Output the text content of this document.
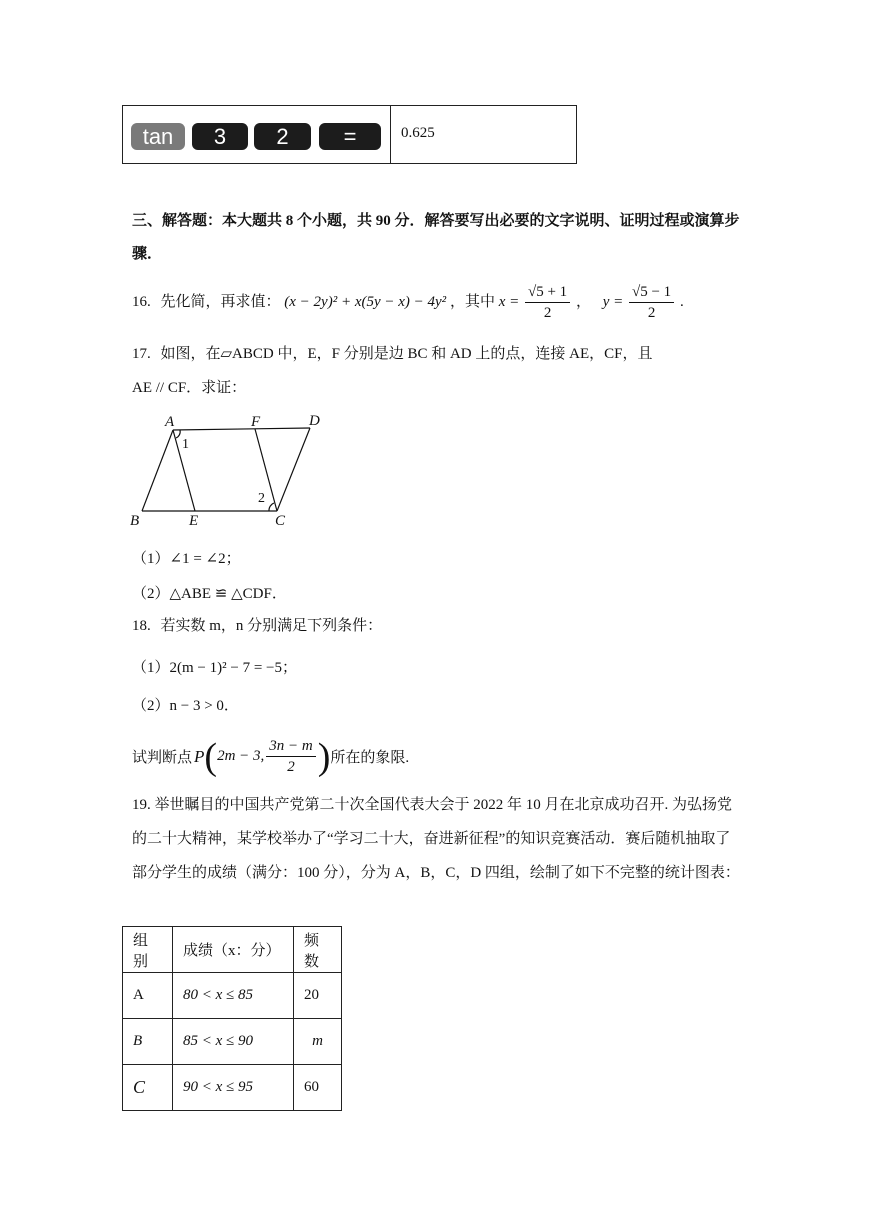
tan	3	2	=	0.625
三、解答题：本大题共 8 个小题，共 90 分．解答要写出必要的文字说明、证明过程或演算步骤．
16. 先化简，再求值： (x − 2y)² + x(5y − x) − 4y² ，其中 $x = \frac{√5 + 1}{2}$ ， $y = \frac{√5 - 1}{2}$ .
17. 如图，在▱ABCD 中，E，F 分别是边 BC 和 AD 上的点，连接 AE，CF，且
AE // CF．求证：
A	F	D
B	E	C
1
2
（1）∠1 = ∠2；
（2）△ABE ≌ △CDF．
18. 若实数 m，n 分别满足下列条件：
（1）2(m − 1)² − 7 = −5；
（2）n − 3 > 0．
试判断点 P ( 2m − 3, $\frac{3n - m}{2}$ ) 所在的象限.
19. 举世瞩目的中国共产党第二十次全国代表大会于 2022 年 10 月在北京成功召开. 为弘扬党的二十大精神，某学校举办了“学习二十大，奋进新征程”的知识竞赛活动．赛后随机抽取了部分学生的成绩（满分：100 分），分为 A，B，C，D 四组，绘制了如下不完整的统计图表：
组别	成绩（x：分）	频数
A	80 < x ≤ 85	20
B	85 < x ≤ 90	m
C	90 < x ≤ 95	60
